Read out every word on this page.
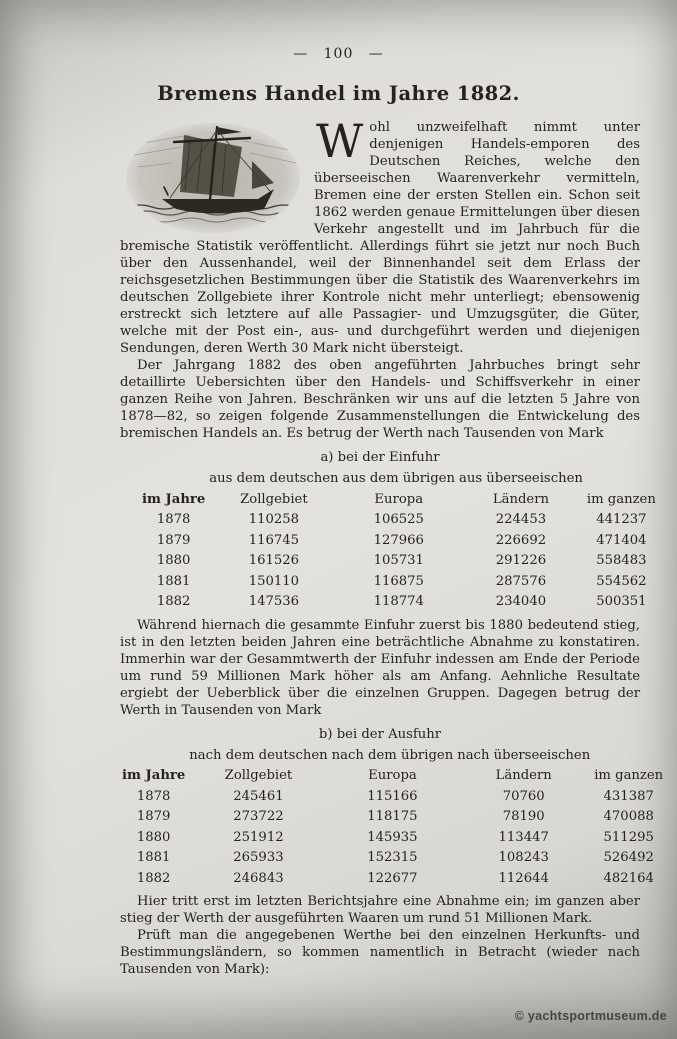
— 100 —
Bremens Handel im Jahre 1882.
W ohl unzweifelhaft nimmt unter denjenigen Handels-emporen des Deutschen Reiches, welche den überseeischen Waarenverkehr vermitteln, Bremen eine der ersten Stellen ein. Schon seit 1862 werden genaue Ermittelungen über diesen Verkehr angestellt und im Jahrbuch für die bremische Statistik veröffentlicht. Allerdings führt sie jetzt nur noch Buch über den Aussenhandel, weil der Binnenhandel seit dem Erlass der reichsgesetzlichen Bestimmungen über die Statistik des Waarenverkehrs im deutschen Zollgebiete ihrer Kontrole nicht mehr unterliegt; ebensowenig erstreckt sich letztere auf alle Passagier- und Umzugsgüter, die Güter, welche mit der Post ein-, aus- und durchgeführt werden und diejenigen Sendungen, deren Werth 30 Mark nicht übersteigt.

Der Jahrgang 1882 des oben angeführten Jahrbuches bringt sehr detaillirte Uebersichten über den Handels- und Schiffsverkehr in einer ganzen Reihe von Jahren. Beschränken wir uns auf die letzten 5 Jahre von 1878—82, so zeigen folgende Zusammenstellungen die Entwickelung des bremischen Handels an. Es betrug der Werth nach Tausenden von Mark

a) bei der Einfuhr
	aus dem deutschen	aus dem übrigen	aus überseeischen	
im Jahre	Zollgebiet	Europa	Ländern	im ganzen
1878	110258	106525	224453	441237
1879	116745	127966	226692	471404
1880	161526	105731	291226	558483
1881	150110	116875	287576	554562
1882	147536	118774	234040	500351

Während hiernach die gesammte Einfuhr zuerst bis 1880 bedeutend stieg, ist in den letzten beiden Jahren eine beträchtliche Abnahme zu konstatiren. Immerhin war der Gesammtwerth der Einfuhr indessen am Ende der Periode um rund 59 Millionen Mark höher als am Anfang. Aehnliche Resultate ergiebt der Ueberblick über die einzelnen Gruppen. Dagegen betrug der Werth in Tausenden von Mark

b) bei der Ausfuhr
	nach dem deutschen	nach dem übrigen	nach überseeischen	
im Jahre	Zollgebiet	Europa	Ländern	im ganzen
1878	245461	115166	70760	431387
1879	273722	118175	78190	470088
1880	251912	145935	113447	511295
1881	265933	152315	108243	526492
1882	246843	122677	112644	482164

Hier tritt erst im letzten Berichtsjahre eine Abnahme ein; im ganzen aber stieg der Werth der ausgeführten Waaren um rund 51 Millionen Mark.

Prüft man die angegebenen Werthe bei den einzelnen Herkunfts- und Bestimmungsländern, so kommen namentlich in Betracht (wieder nach Tausenden von Mark):

© yachtsportmuseum.de
